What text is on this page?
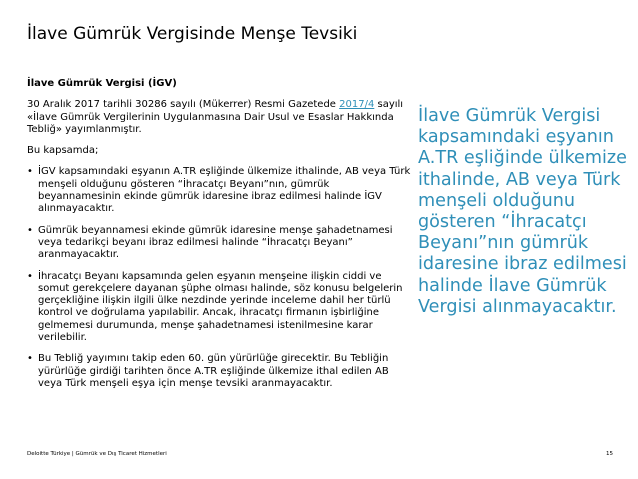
İlave Gümrük Vergisinde Menşe Tevsiki

İlave Gümrük Vergisi (İGV)

30 Aralık 2017 tarihli 30286 sayılı (Mükerrer) Resmi Gazetede 2017/4 sayılı «İlave Gümrük Vergilerinin Uygulanmasına Dair Usul ve Esaslar Hakkında Tebliğ» yayımlanmıştır.

Bu kapsamda;

• İGV kapsamındaki eşyanın A.TR eşliğinde ülkemize ithalinde, AB veya Türk menşeli olduğunu gösteren “İhracatçı Beyanı”nın, gümrük beyannamesinin ekinde gümrük idaresine ibraz edilmesi halinde İGV alınmayacaktır.
• Gümrük beyannamesi ekinde gümrük idaresine menşe şahadetnamesi veya tedarikçi beyanı ibraz edilmesi halinde “İhracatçı Beyanı” aranmayacaktır.
• İhracatçı Beyanı kapsamında gelen eşyanın menşeine ilişkin ciddi ve somut gerekçelere dayanan şüphe olması halinde, söz konusu belgelerin gerçekliğine ilişkin ilgili ülke nezdinde yerinde inceleme dahil her türlü kontrol ve doğrulama yapılabilir. Ancak, ihracatçı firmanın işbirliğine gelmemesi durumunda, menşe şahadetnamesi istenilmesine karar verilebilir.
• Bu Tebliğ yayımını takip eden 60. gün yürürlüğe girecektir. Bu Tebliğin yürürlüğe girdiği tarihten önce A.TR eşliğinde ülkemize ithal edilen AB veya Türk menşeli eşya için menşe tevsiki aranmayacaktır.
İlave Gümrük Vergisi kapsamındaki eşyanın A.TR eşliğinde ülkemize ithalinde, AB veya Türk menşeli olduğunu gösteren “İhracatçı Beyanı”nın gümrük idaresine ibraz edilmesi halinde İlave Gümrük Vergisi alınmayacaktır.
Deloitte Türkiye | Gümrük ve Dış Ticaret Hizmetleri	15
